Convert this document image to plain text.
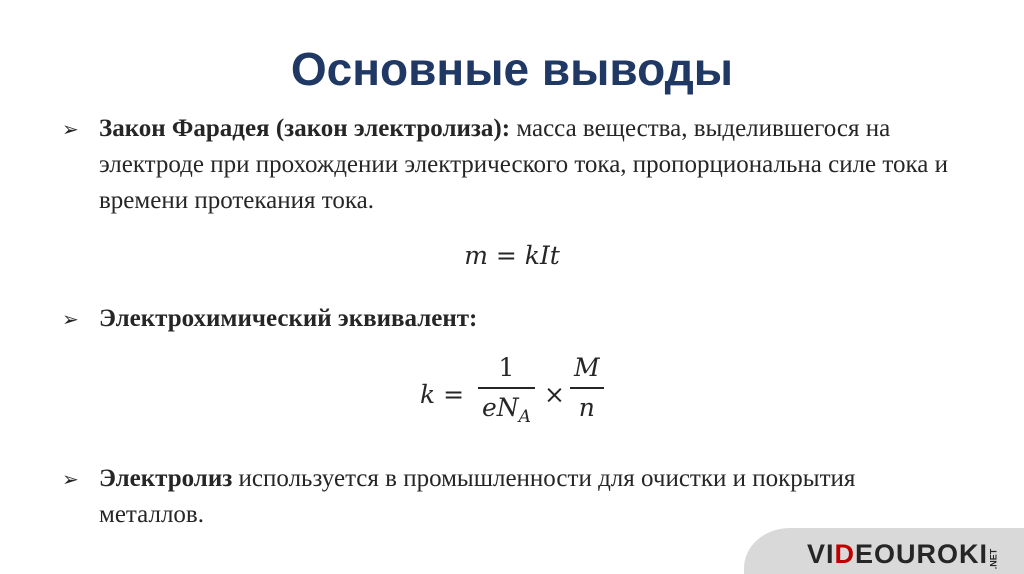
Основные выводы
➢ Закон Фарадея (закон электролиза): масса вещества, выделившегося на электроде при прохождении электрического тока, пропорциональна силе тока и времени протекания тока.
m = kIt
➢ Электрохимический эквивалент:
k =
1
$eN_A$
×
M
n
➢ Электролиз используется в промышленности для очистки и покрытия металлов.
VIDEOUROKI .NET
